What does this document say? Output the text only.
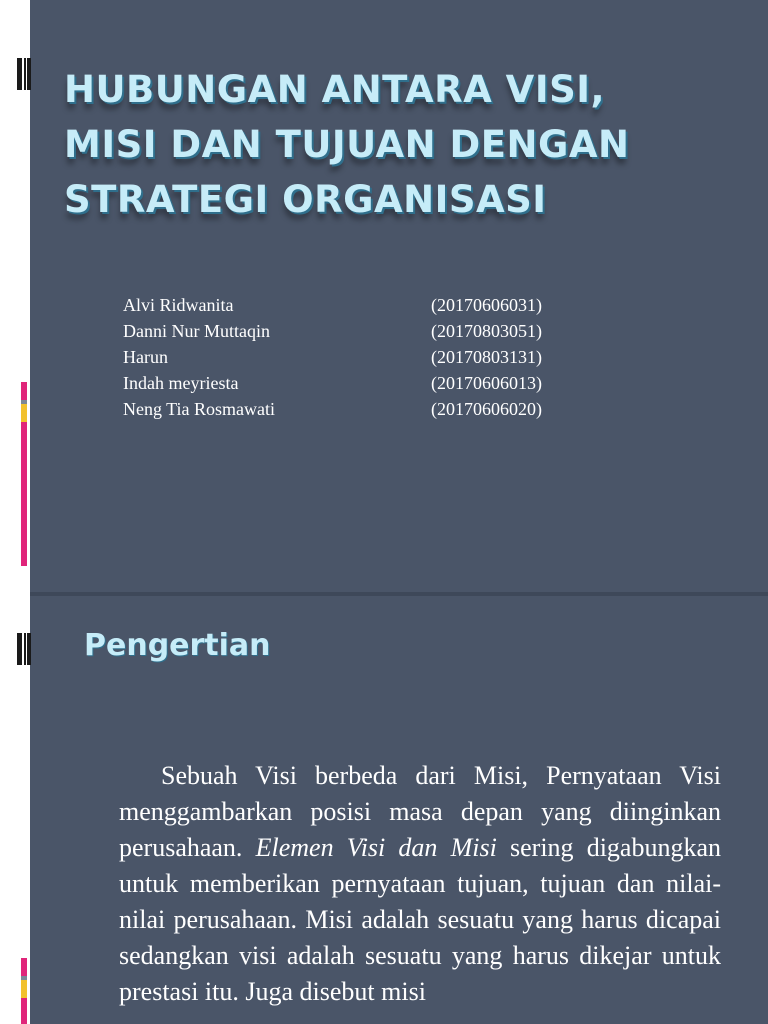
HUBUNGAN ANTARA VISI, MISI DAN TUJUAN DENGAN STRATEGI ORGANISASI
Alvi Ridwanita	(20170606031)
Danni Nur Muttaqin	(20170803051)
Harun	(20170803131)
Indah meyriesta	(20170606013)
Neng Tia Rosmawati	(20170606020)
Pengertian

Sebuah Visi berbeda dari Misi, Pernyataan Visi menggambarkan posisi masa depan yang diinginkan perusahaan. Elemen Visi dan Misi sering digabungkan untuk memberikan pernyataan tujuan, tujuan dan nilai-nilai perusahaan. Misi adalah sesuatu yang harus dicapai sedangkan visi adalah sesuatu yang harus dikejar untuk prestasi itu. Juga disebut misi
